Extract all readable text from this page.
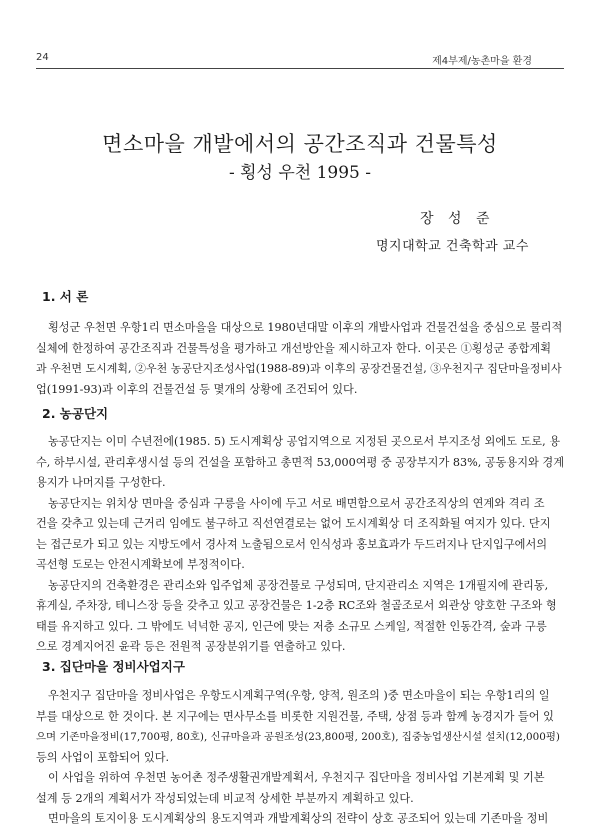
24	제4부제/농촌마을 환경
면소마을 개발에서의 공간조직과 건물특성
- 횡성 우천 1995 -
장 성 준
명지대학교 건축학과 교수
1. 서 론
횡성군 우천면 우항1리 면소마을을 대상으로 1980년대말 이후의 개발사업과 건물건설을 중심으로 물리적
실체에 한정하여 공간조직과 건물특성을 평가하고 개선방안을 제시하고자 한다. 이곳은 ①횡성군 종합계획
과 우천면 도시계획, ②우천 농공단지조성사업(1988-89)과 이후의 공장건물건설, ③우천지구 집단마을정비사
업(1991-93)과 이후의 건물건설 등 몇개의 상황에 조건되어 있다.
2. 농공단지
농공단지는 이미 수년전에(1985. 5) 도시계획상 공업지역으로 지정된 곳으로서 부지조성 외에도 도로, 용
수, 하부시설, 관리후생시설 등의 건설을 포함하고 총면적 53,000여평 중 공장부지가 83%, 공동용지와 경계
용지가 나머지를 구성한다.
농공단지는 위치상 면마을 중심과 구릉을 사이에 두고 서로 배면함으로서 공간조직상의 연계와 격리 조
건을 갖추고 있는데 근거리 임에도 불구하고 직선연결로는 없어 도시계획상 더 조직화될 여지가 있다. 단지
는 접근로가 되고 있는 지방도에서 경사져 노출됨으로서 인식성과 홍보효과가 두드러지나 단지입구에서의
곡선형 도로는 안전시계확보에 부정적이다.
농공단지의 건축환경은 관리소와 입주업체 공장건물로 구성되며, 단지관리소 지역은 1개필지에 관리동,
휴게실, 주차장, 테니스장 등을 갖추고 있고 공장건물은 1-2층 RC조와 철골조로서 외관상 양호한 구조와 형
태를 유지하고 있다. 그 밖에도 넉넉한 공지, 인근에 맞는 저층 소규모 스케일, 적절한 인동간격, 숲과 구릉
으로 경계지어진 윤곽 등은 전원적 공장분위기를 연출하고 있다.
3. 집단마을 정비사업지구
우천지구 집단마을 정비사업은 우항도시계획구역(우항, 양적, 원조의 )중 면소마을이 되는 우항1리의 일
부를 대상으로 한 것이다. 본 지구에는 면사무소를 비롯한 지원건물, 주택, 상점 등과 함께 농경지가 들어 있
으며 기존마을정비(17,700평, 80호), 신규마을과 공원조성(23,800평, 200호), 집중농업생산시설 설치(12,000평)
등의 사업이 포함되어 있다.
이 사업을 위하여 우천면 농어촌 정주생활권개발계획서, 우천지구 집단마을 정비사업 기본계획 및 기본
설계 등 2개의 계획서가 작성되었는데 비교적 상세한 부분까지 계획하고 있다.
면마을의 토지이용 도시계획상의 용도지역과 개발계획상의 전략이 상호 공조되어 있는데 기존마을 정비
